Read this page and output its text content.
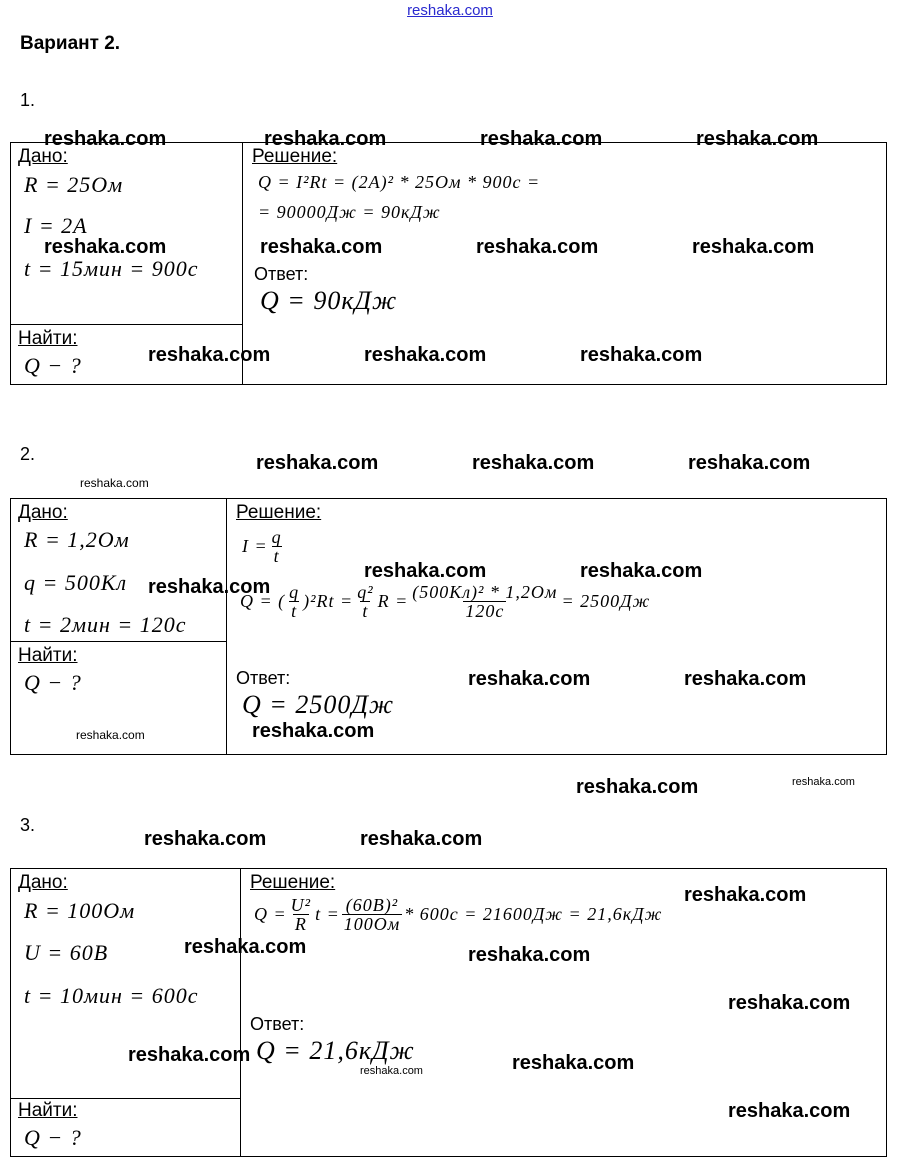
reshaka.com
Вариант 2.
1.
Дано:
R = 25Ом
I = 2A
t = 15мин = 900с
Найти:
Q − ?
Решение:
Q = I²Rt = (2A)² * 25Ом * 900с =
= 90000Дж = 90кДж
Ответ:
Q = 90кДж
2.
Дано:
R = 1,2Ом
q = 500Кл
t = 2мин = 120с
Найти:
Q − ?
Решение:
$I = \frac{q}{t}$
Q = ( $\frac{q}{t} )^2Rt = \frac{\text{q²}}{t}$ $R = \frac{\text{(500Кл)² * 1,2Ом}}{120с} = 2500Дж$
Ответ:
Q = 2500Дж
3.
Дано:
R = 100Ом
U = 60B
t = 10мин = 600с
Найти:
Q − ?
Решение:
$Q = \frac{\text{U²}}{R}$ $t = \frac{\text{(60B)²}}{100Ом} * 600с = 21600Дж = 21,6кДж$
Ответ:
Q = 21,6кДж
reshaka.com	reshaka.com	reshaka.com	reshaka.com
reshaka.com	reshaka.com	reshaka.com	reshaka.com
reshaka.com	reshaka.com	reshaka.com
reshaka.com	reshaka.com	reshaka.com
reshaka.com
reshaka.com
reshaka.com	reshaka.com
reshaka.com	reshaka.com
reshaka.com
reshaka.com
reshaka.com	reshaka.com
reshaka.com	reshaka.com
reshaka.com
reshaka.com	reshaka.com
reshaka.com
reshaka.com	reshaka.com
reshaka.com
reshaka.com
